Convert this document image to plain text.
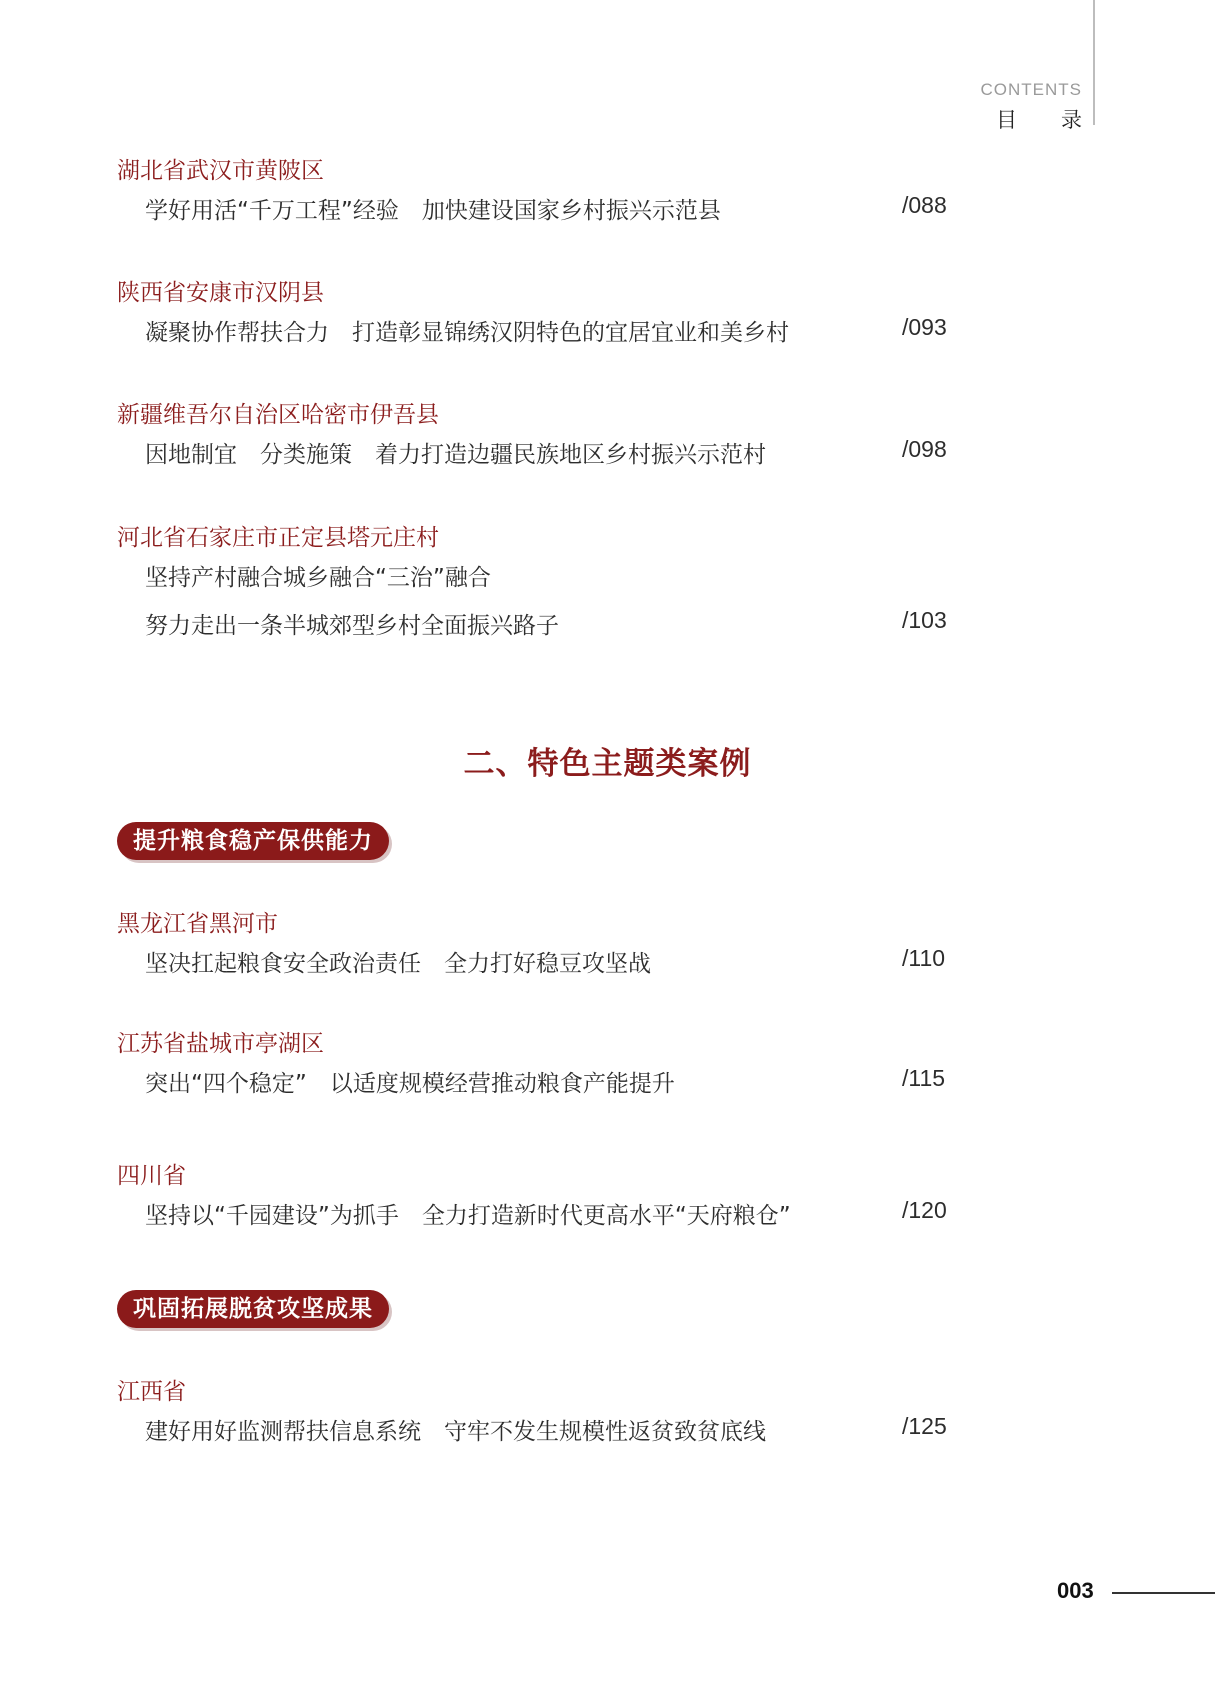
CONTENTS
目 录
湖北省武汉市黄陂区
学好用活“千万工程”经验　加快建设国家乡村振兴示范县	/088
陕西省安康市汉阴县
凝聚协作帮扶合力　打造彰显锦绣汉阴特色的宜居宜业和美乡村	/093
新疆维吾尔自治区哈密市伊吾县
因地制宜　分类施策　着力打造边疆民族地区乡村振兴示范村	/098
河北省石家庄市正定县塔元庄村
坚持产村融合城乡融合“三治”融合
努力走出一条半城郊型乡村全面振兴路子	/103
二、特色主题类案例
提升粮食稳产保供能力
黑龙江省黑河市
坚决扛起粮食安全政治责任　全力打好稳豆攻坚战	/110
江苏省盐城市亭湖区
突出“四个稳定”　以适度规模经营推动粮食产能提升	/115
四川省
坚持以“千园建设”为抓手　全力打造新时代更高水平“天府粮仓”	/120
巩固拓展脱贫攻坚成果
江西省
建好用好监测帮扶信息系统　守牢不发生规模性返贫致贫底线	/125
003
